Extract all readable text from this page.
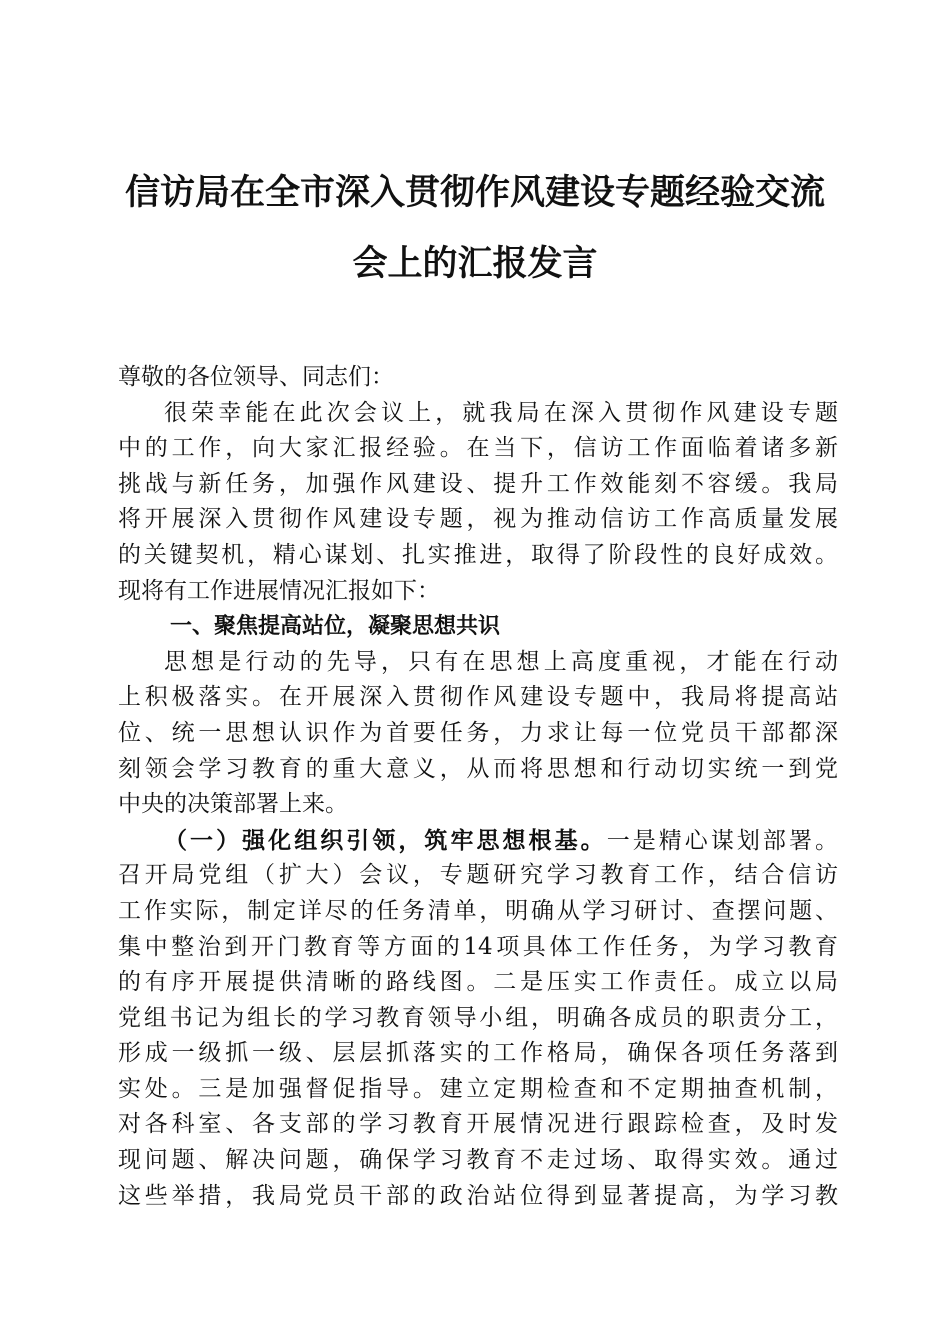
信访局在全市深入贯彻作风建设专题经验交流
会上的汇报发言
尊敬的各位领导、同志们：
很荣幸能在此次会议上，就我局在深入贯彻作风建设专题
中的工作，向大家汇报经验。在当下，信访工作面临着诸多新
挑战与新任务，加强作风建设、提升工作效能刻不容缓。我局
将开展深入贯彻作风建设专题，视为推动信访工作高质量发展
的关键契机，精心谋划、扎实推进，取得了阶段性的良好成效。
现将有工作进展情况汇报如下：
一、聚焦提高站位，凝聚思想共识
思想是行动的先导，只有在思想上高度重视，才能在行动
上积极落实。在开展深入贯彻作风建设专题中，我局将提高站
位、统一思想认识作为首要任务，力求让每一位党员干部都深
刻领会学习教育的重大意义，从而将思想和行动切实统一到党
中央的决策部署上来。
（一）强化组织引领，筑牢思想根基。一是精心谋划部署。
召开局党组（扩大）会议，专题研究学习教育工作，结合信访
工作实际，制定详尽的任务清单，明确从学习研讨、查摆问题、
集中整治到开门教育等方面的14项具体工作任务，为学习教育
的有序开展提供清晰的路线图。二是压实工作责任。成立以局
党组书记为组长的学习教育领导小组，明确各成员的职责分工，
形成一级抓一级、层层抓落实的工作格局，确保各项任务落到
实处。三是加强督促指导。建立定期检查和不定期抽查机制，
对各科室、各支部的学习教育开展情况进行跟踪检查，及时发
现问题、解决问题，确保学习教育不走过场、取得实效。通过
这些举措，我局党员干部的政治站位得到显著提高，为学习教
